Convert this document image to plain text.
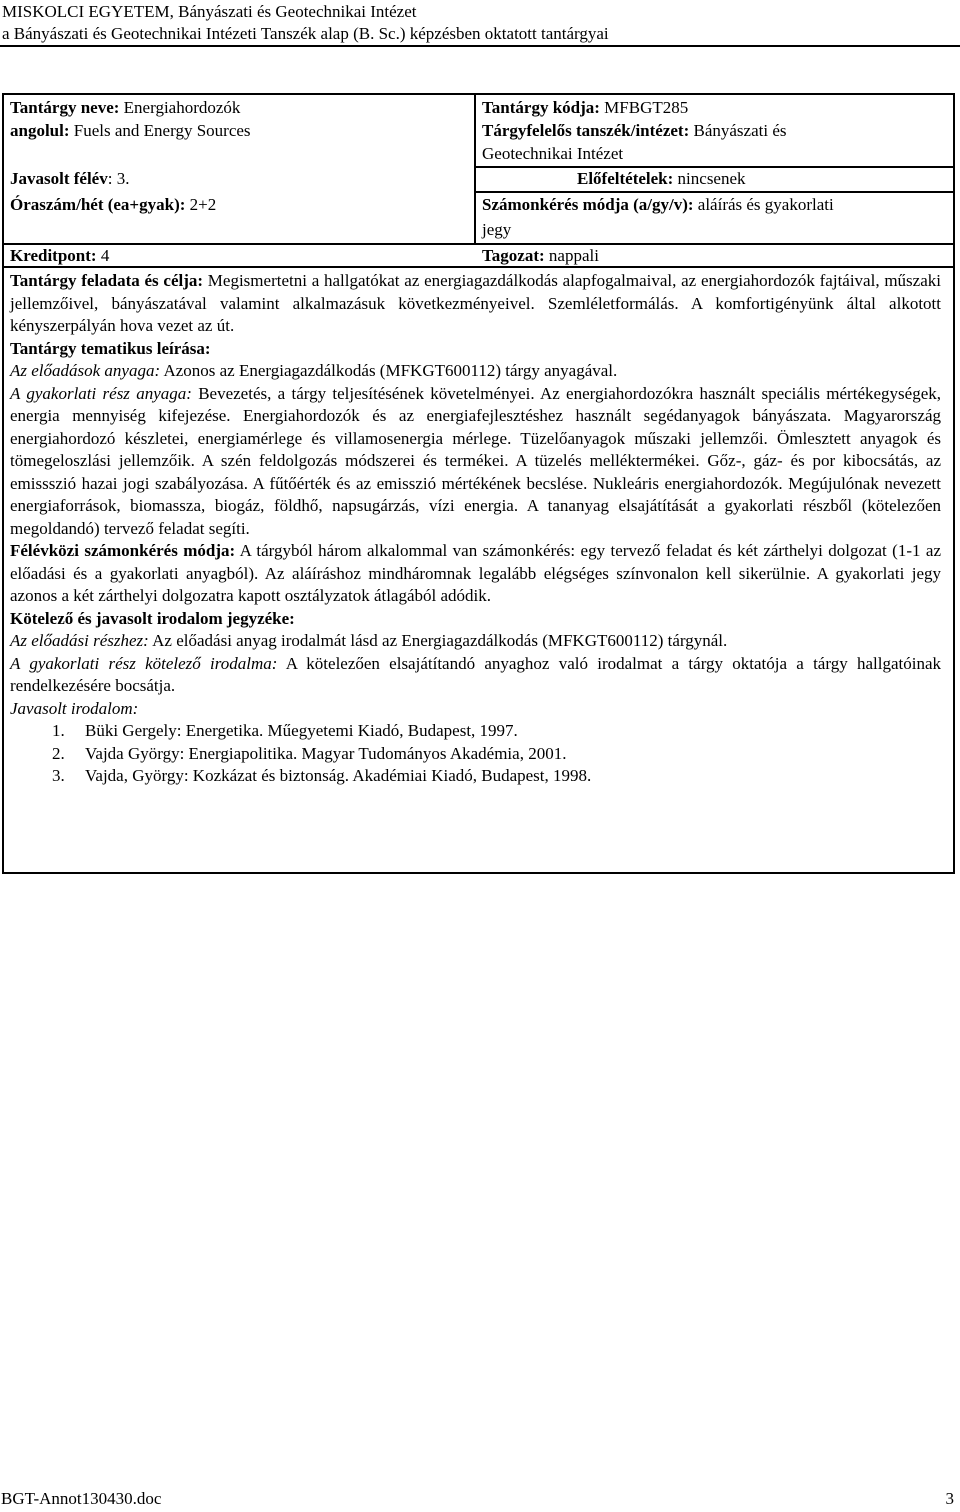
MISKOLCI EGYETEM, Bányászati és Geotechnikai Intézet
a Bányászati és Geotechnikai Intézeti Tanszék alap (B. Sc.) képzésben oktatott tantárgyai
Tantárgy neve: Energiahordozók
angolul: Fuels and Energy Sources
Javasolt félév: 3.
Óraszám/hét (ea+gyak): 2+2
Kreditpont: 4
Tantárgy kódja: MFBGT285
Tárgyfelelős tanszék/intézet: Bányászati és
Geotechnikai Intézet
Előfeltételek: nincsenek
Számonkérés módja (a/gy/v): aláírás és gyakorlati
jegy
Tagozat: nappali

Tantárgy feladata és célja: Megismertetni a hallgatókat az energiagazdálkodás alapfogalmaival, az energiahordozók fajtáival, műszaki jellemzőivel, bányászatával valamint alkalmazásuk következményeivel. Szemléletformálás. A komfortigényünk által alkotott kényszerpályán hova vezet az út.

Tantárgy tematikus leírása:

Az előadások anyaga: Azonos az Energiagazdálkodás (MFKGT600112) tárgy anyagával.

A gyakorlati rész anyaga: Bevezetés, a tárgy teljesítésének követelményei. Az energiahordozókra használt speciális mértékegységek, energia mennyiség kifejezése. Energiahordozók és az energiafejlesztéshez használt segédanyagok bányászata. Magyarország energiahordozó készletei, energiamérlege és villamosenergia mérlege. Tüzelőanyagok műszaki jellemzői. Ömlesztett anyagok és tömegeloszlási jellemzőik. A szén feldolgozás módszerei és termékei. A tüzelés melléktermékei. Gőz-, gáz- és por kibocsátás, az emissszió hazai jogi szabályozása. A fűtőérték és az emisszió mértékének becslése. Nukleáris energiahordozók. Megújulónak nevezett energiaforrások, biomassza, biogáz, földhő, napsugárzás, vízi energia. A tananyag elsajátítását a gyakorlati részből (kötelezően megoldandó) tervező feladat segíti.

Félévközi számonkérés módja: A tárgyból három alkalommal van számonkérés: egy tervező feladat és két zárthelyi dolgozat (1-1 az előadási és a gyakorlati anyagból). Az aláíráshoz mindháromnak legalább elégséges színvonalon kell sikerülnie. A gyakorlati jegy azonos a két zárthelyi dolgozatra kapott osztályzatok átlagából adódik.

Kötelező és javasolt irodalom jegyzéke:

Az előadási részhez: Az előadási anyag irodalmát lásd az Energiagazdálkodás (MFKGT600112) tárgynál.

A gyakorlati rész kötelező irodalma: A kötelezően elsajátítandó anyaghoz való irodalmat a tárgy oktatója a tárgy hallgatóinak rendelkezésére bocsátja.

Javasolt irodalom:

1. Büki Gergely: Energetika. Műegyetemi Kiadó, Budapest, 1997.
2. Vajda György: Energiapolitika. Magyar Tudományos Akadémia, 2001.
3. Vajda, György: Kozkázat és biztonság. Akadémiai Kiadó, Budapest, 1998.
BGT-Annot130430.doc	3
